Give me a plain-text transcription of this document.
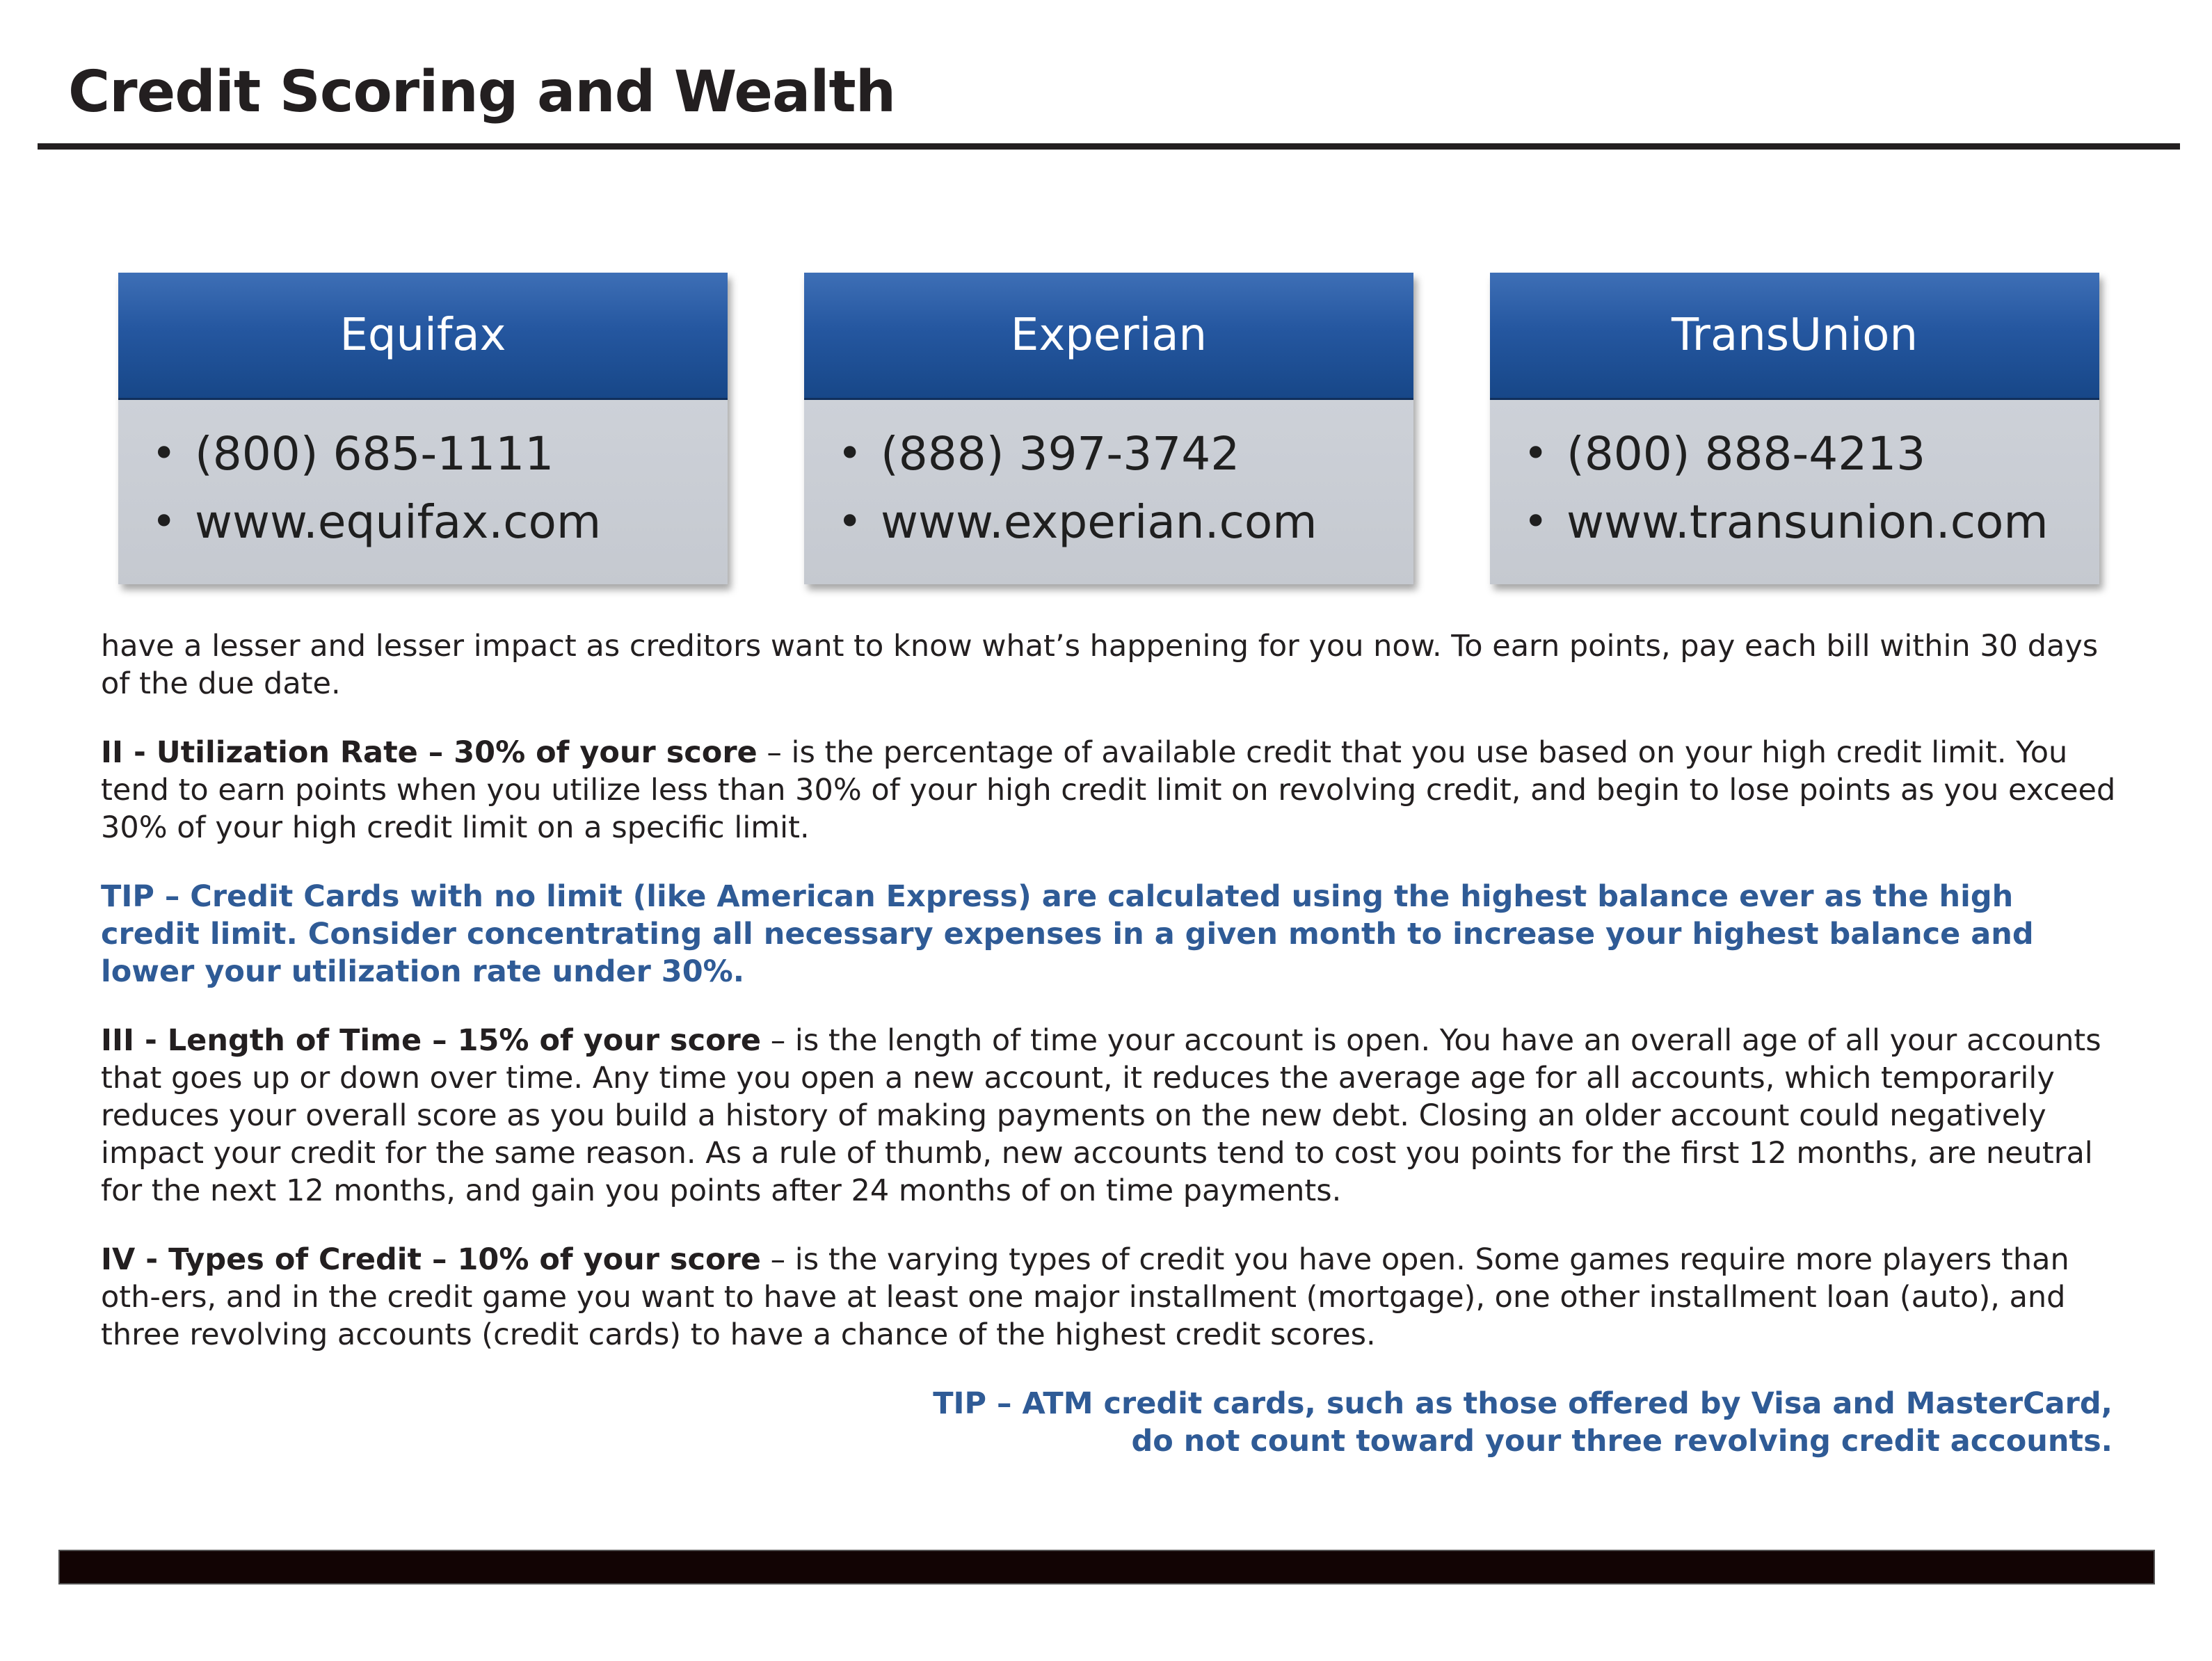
Credit Scoring and Wealth
Equifax
• (800) 685-1111
• www.equifax.com
Experian
• (888) 397-3742
• www.experian.com
TransUnion
• (800) 888-4213
• www.transunion.com

have a lesser and lesser impact as creditors want to know what’s happening for you now. To earn points, pay each bill within 30 days of the due date.

II - Utilization Rate – 30% of your score – is the percentage of available credit that you use based on your high credit limit. You tend to earn points when you utilize less than 30% of your high credit limit on revolving credit, and begin to lose points as you exceed 30% of your high credit limit on a specific limit.

TIP – Credit Cards with no limit (like American Express) are calculated using the highest balance ever as the high credit limit. Consider concentrating all necessary expenses in a given month to increase your highest balance and lower your utilization rate under 30%.

III - Length of Time – 15% of your score – is the length of time your account is open. You have an overall age of all your accounts that goes up or down over time. Any time you open a new account, it reduces the average age for all accounts, which temporarily reduces your overall score as you build a history of making payments on the new debt. Closing an older account could negatively impact your credit for the same reason. As a rule of thumb, new accounts tend to cost you points for the first 12 months, are neutral for the next 12 months, and gain you points after 24 months of on time payments.

IV - Types of Credit – 10% of your score – is the varying types of credit you have open. Some games require more players than oth-ers, and in the credit game you want to have at least one major installment (mortgage), one other installment loan (auto), and three revolving accounts (credit cards) to have a chance of the highest credit scores.

TIP – ATM credit cards, such as those offered by Visa and MasterCard,
do not count toward your three revolving credit accounts.
